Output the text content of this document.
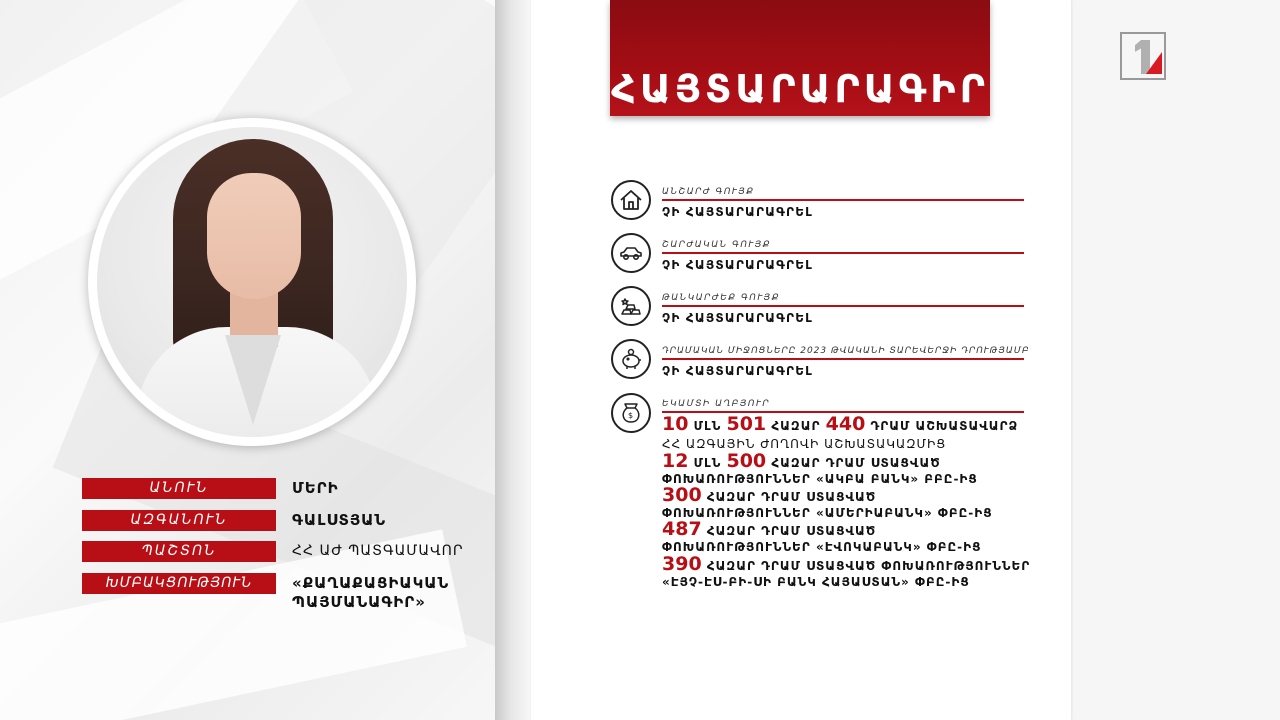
ԱՆՈՒՆ	ՄԵՐԻ
ԱԶԳԱՆՈՒՆ	ԳԱԼՍՏՅԱՆ
ՊԱՇՏՈՆ	ՀՀ ԱԺ ՊԱՏԳԱՄԱՎՈՐ
ԽՄԲԱԿՑՈՒԹՅՈՒՆ	«ՔԱՂԱՔԱՑԻԱԿԱՆ
ՊԱՅՄԱՆԱԳԻՐ»
ՀԱՅՏԱՐԱՐԱԳԻՐ
ԱՆՇԱՐԺ ԳՈՒՅՔ
ՉԻ ՀԱՅՏԱՐԱՐԱԳՐԵԼ
ՇԱՐԺԱԿԱՆ ԳՈՒՅՔ
ՉԻ ՀԱՅՏԱՐԱՐԱԳՐԵԼ
ԹԱՆԿԱՐԺԵՔ ԳՈՒՅՔ
ՉԻ ՀԱՅՏԱՐԱՐԱԳՐԵԼ
ԴՐԱՄԱԿԱՆ ՄԻՋՈՑՆԵՐԸ 2023 ԹՎԱԿԱՆԻ ՏԱՐԵՎԵՐՋԻ ԴՐՈՒԹՅԱՄԲ
ՉԻ ՀԱՅՏԱՐԱՐԱԳՐԵԼ
$
ԵԿԱՄՏԻ ԱՂԲՅՈՒՐ
10 ՄԼՆ 501 ՀԱԶԱՐ 440 ԴՐԱՄ ԱՇԽԱՏԱՎԱՐՁ
ՀՀ ԱԶԳԱՅԻՆ ԺՈՂՈՎԻ ԱՇԽԱՏԱԿԱԶՄԻՑ
12 ՄԼՆ 500 ՀԱԶԱՐ ԴՐԱՄ ՍՏԱՑՎԱԾ
ՓՈԽԱՌՈՒԹՅՈՒՆՆԵՐ «ԱԿԲԱ ԲԱՆԿ» ԲԲԸ-ԻՑ
300 ՀԱԶԱՐ ԴՐԱՄ ՍՏԱՑՎԱԾ
ՓՈԽԱՌՈՒԹՅՈՒՆՆԵՐ «ԱՄԵՐԻԱԲԱՆԿ» ՓԲԸ-ԻՑ
487 ՀԱԶԱՐ ԴՐԱՄ ՍՏԱՑՎԱԾ
ՓՈԽԱՌՈՒԹՅՈՒՆՆԵՐ «ԷՎՈԿԱԲԱՆԿ» ՓԲԸ-ԻՑ
390 ՀԱԶԱՐ ԴՐԱՄ ՍՏԱՑՎԱԾ ՓՈԽԱՌՈՒԹՅՈՒՆՆԵՐ
«ԷՅՉ-ԷՍ-ԲԻ-ՍԻ ԲԱՆԿ ՀԱՅԱՍՏԱՆ» ՓԲԸ-ԻՑ
